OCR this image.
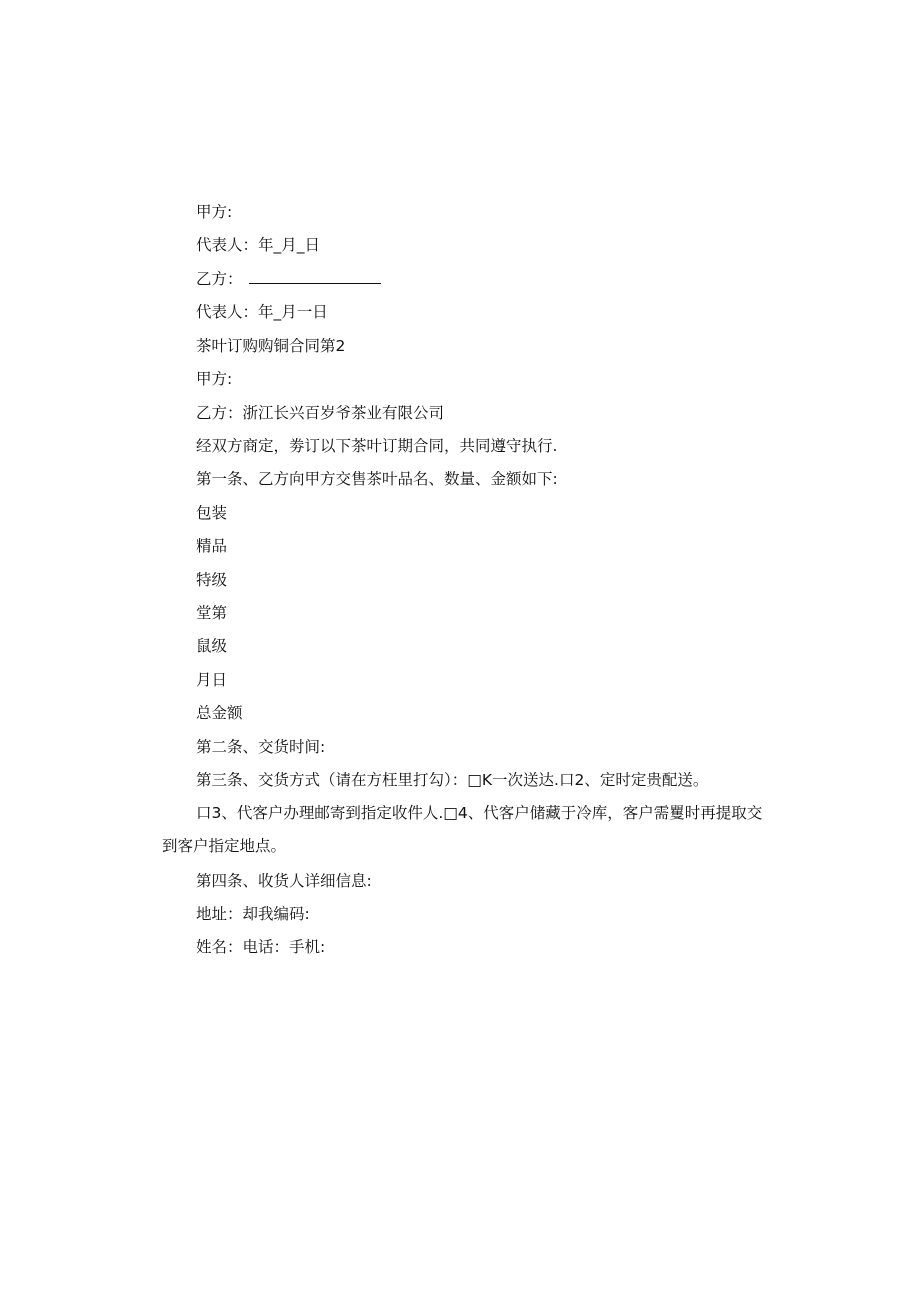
甲方:
代表人：年_月_日
乙方：
代表人：年_月一日
茶叶订购购铜合同第2
甲方:
乙方：浙江长兴百岁爷茶业有限公司
经双方商定，劵订以下茶叶订期合同，共同遵守执行.
第一条、乙方向甲方交售茶叶品名、数量、金额如下:
包装
精品
特级
堂第
鼠级
月日
总金额
第二条、交货时间:
第三条、交货方式（请在方枉里打勾）：□K一次送达.口2、定时定贵配送。
口3、代客户办理邮寄到指定收件人.□4、代客户储藏于冷库，客户需矍时再提取交
到客户指定地点。
第四条、收货人详细信息:
地址：却我编码:
姓名：电话：手机:
